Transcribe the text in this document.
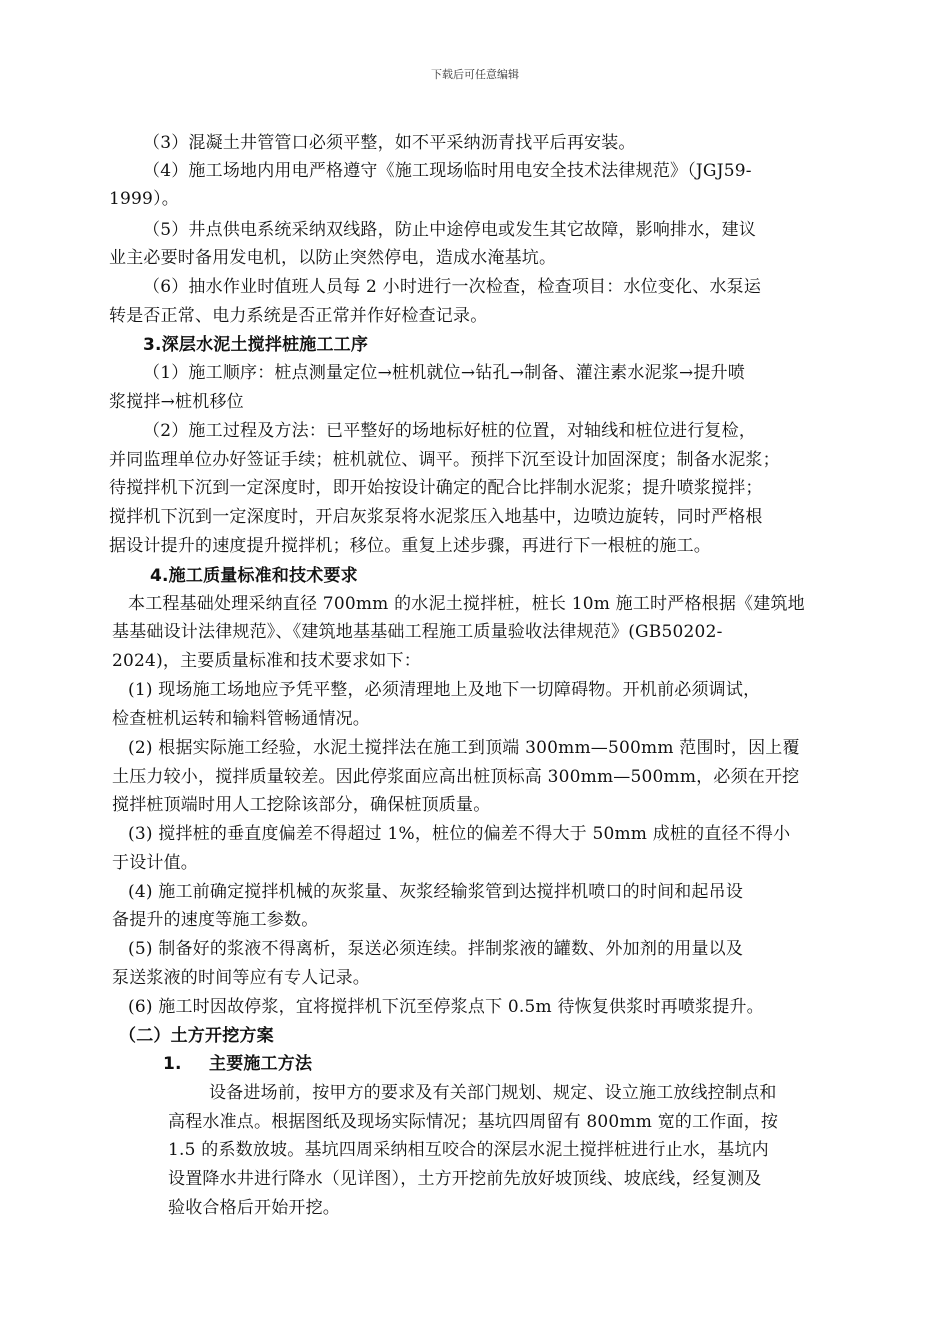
下载后可任意编辑
（3）混凝土井管管口必须平整，如不平采纳沥青找平后再安装。
（4）施工场地内用电严格遵守《施工现场临时用电安全技术法律规范》（JGJ59-
1999）。
（5）井点供电系统采纳双线路，防止中途停电或发生其它故障，影响排水，建议
业主必要时备用发电机，以防止突然停电，造成水淹基坑。
（6）抽水作业时值班人员每 2 小时进行一次检查，检查项目：水位变化、水泵运
转是否正常、电力系统是否正常并作好检查记录。
3.深层水泥土搅拌桩施工工序
（1）施工顺序：桩点测量定位→桩机就位→钻孔→制备、灌注素水泥浆→提升喷
浆搅拌→桩机移位
（2）施工过程及方法：已平整好的场地标好桩的位置，对轴线和桩位进行复检，
并同监理单位办好签证手续；桩机就位、调平。预拌下沉至设计加固深度；制备水泥浆；
待搅拌机下沉到一定深度时，即开始按设计确定的配合比拌制水泥浆；提升喷浆搅拌；
搅拌机下沉到一定深度时，开启灰浆泵将水泥浆压入地基中，边喷边旋转，同时严格根
据设计提升的速度提升搅拌机；移位。重复上述步骤，再进行下一根桩的施工。
4.施工质量标准和技术要求
本工程基础处理采纳直径 700mm 的水泥土搅拌桩，桩长 10m 施工时严格根据《建筑地
基基础设计法律规范》、《建筑地基基础工程施工质量验收法律规范》(GB50202-
2024)，主要质量标准和技术要求如下：
(1) 现场施工场地应予凭平整，必须清理地上及地下一切障碍物。开机前必须调试，
检查桩机运转和输料管畅通情况。
(2) 根据实际施工经验，水泥土搅拌法在施工到顶端 300mm—500mm 范围时，因上覆
土压力较小，搅拌质量较差。因此停浆面应高出桩顶标高 300mm—500mm，必须在开挖
搅拌桩顶端时用人工挖除该部分，确保桩顶质量。
(3) 搅拌桩的垂直度偏差不得超过 1%，桩位的偏差不得大于 50mm 成桩的直径不得小
于设计值。
(4) 施工前确定搅拌机械的灰浆量、灰浆经输浆管到达搅拌机喷口的时间和起吊设
备提升的速度等施工参数。
(5) 制备好的浆液不得离析，泵送必须连续。拌制浆液的罐数、外加剂的用量以及
泵送浆液的时间等应有专人记录。
(6) 施工时因故停浆，宜将搅拌机下沉至停浆点下 0.5m 待恢复供浆时再喷浆提升。
（二）土方开挖方案
1. 主要施工方法
设备进场前，按甲方的要求及有关部门规划、规定、设立施工放线控制点和
高程水准点。根据图纸及现场实际情况；基坑四周留有 800mm 宽的工作面，按
1.5 的系数放坡。基坑四周采纳相互咬合的深层水泥土搅拌桩进行止水，基坑内
设置降水井进行降水（见详图），土方开挖前先放好坡顶线、坡底线，经复测及
验收合格后开始开挖。
